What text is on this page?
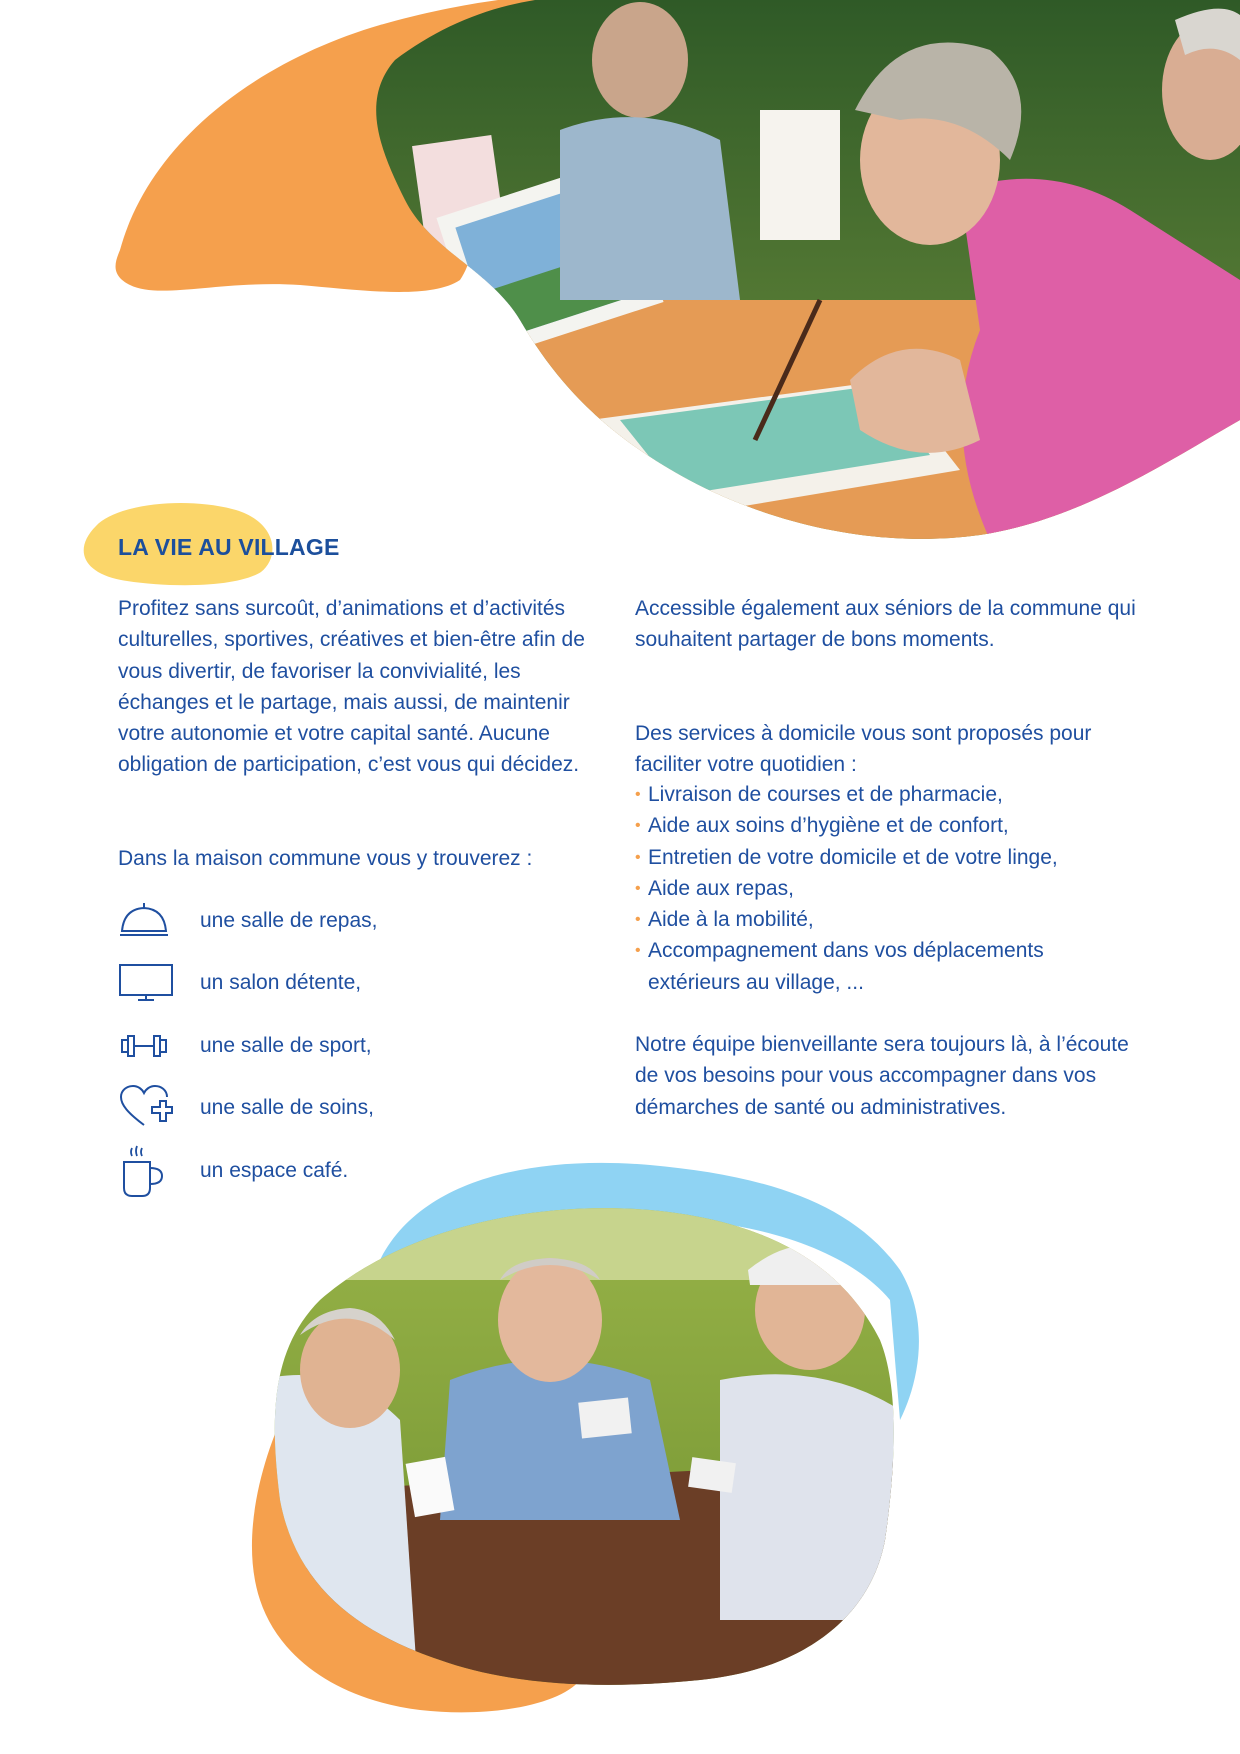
LA VIE AU VILLAGE

Profitez sans surcoût, d’animations et d’activités culturelles, sportives, créatives et bien-être afin de vous divertir, de favoriser la convivialité, les échanges et le partage, mais aussi, de maintenir votre autonomie et votre capital santé. Aucune obligation de participation, c’est vous qui décidez.

Dans la maison commune vous y trouverez :

une salle de repas,
un salon détente,
une salle de sport,
une salle de soins,
un espace café.

Accessible également aux séniors de la commune qui souhaitent partager de bons moments.

Des services à domicile vous sont proposés pour faciliter votre quotidien :

• Livraison de courses et de pharmacie,
• Aide aux soins d’hygiène et de confort,
• Entretien de votre domicile et de votre linge,
• Aide aux repas,
• Aide à la mobilité,
• Accompagnement dans vos déplacements extérieurs au village, ...

Notre équipe bienveillante sera toujours là, à l’écoute de vos besoins pour vous accompagner dans vos démarches de santé ou administratives.
